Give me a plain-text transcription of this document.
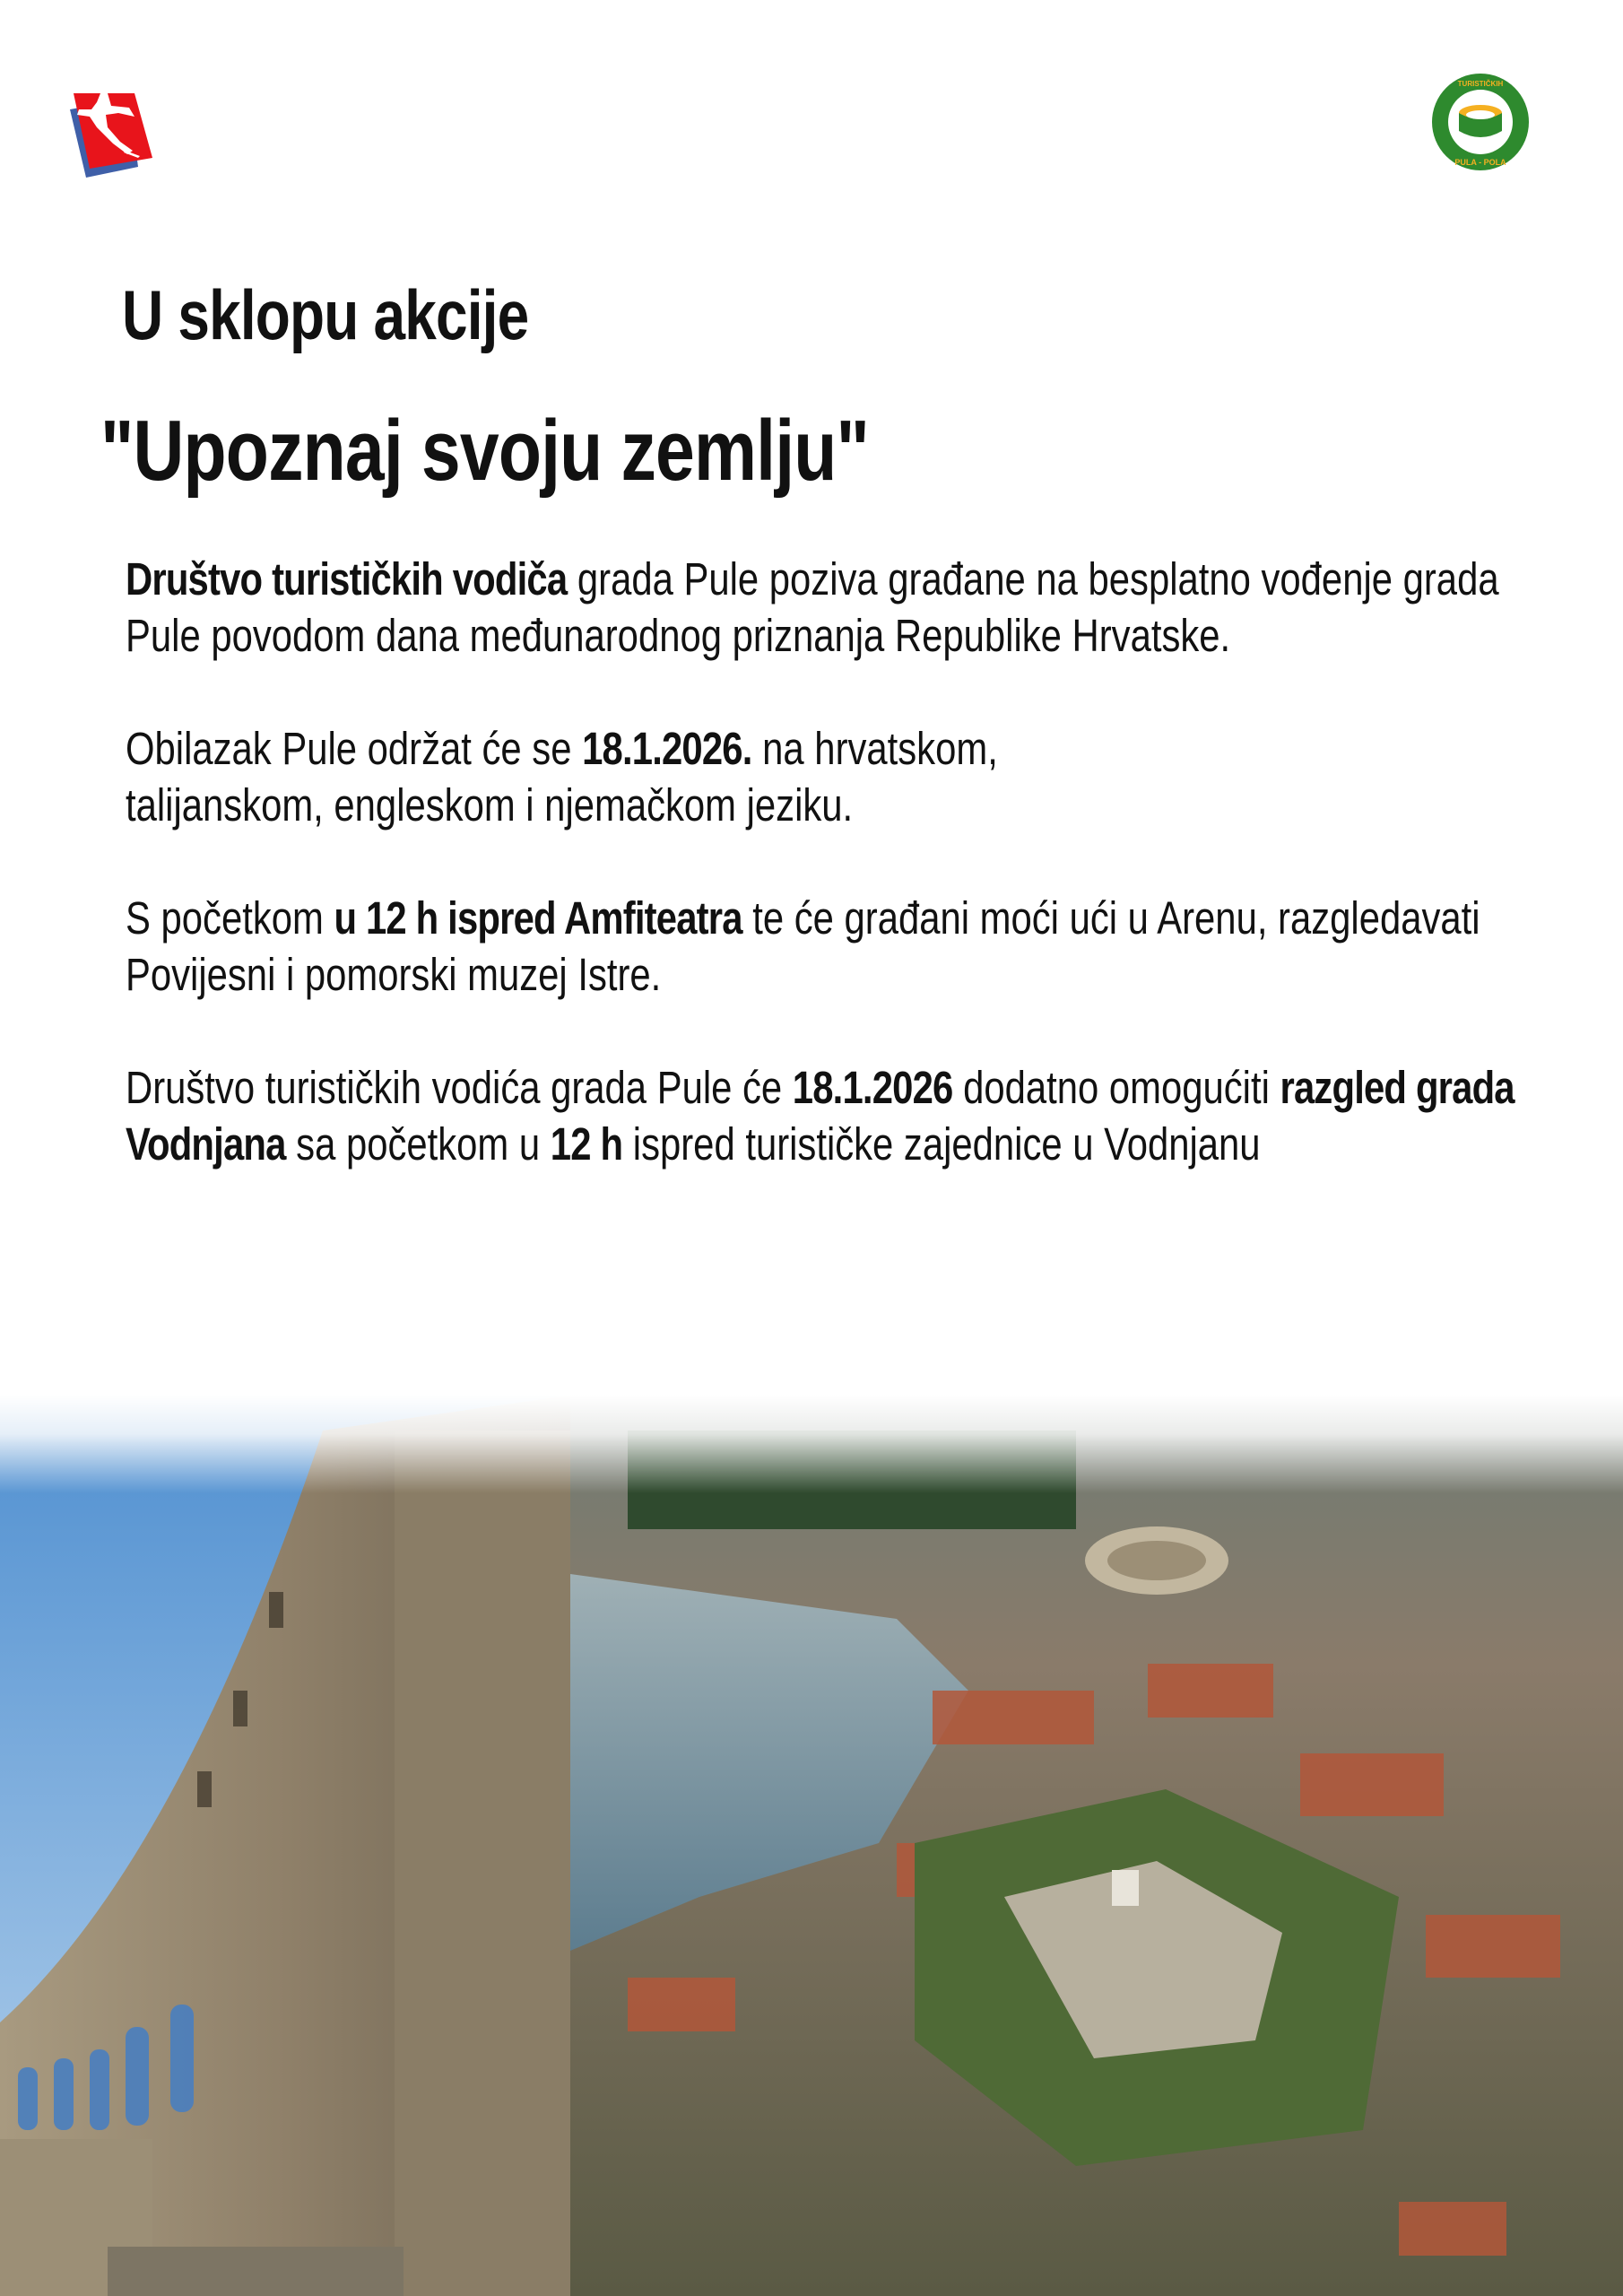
TURISTIČKIH
PULA - POLA
U sklopu akcije
"Upoznaj svoju zemlju"

Društvo turističkih vodiča grada Pule poziva građane na besplatno vođenje grada Pule povodom dana međunarodnog priznanja Republike Hrvatske.

Obilazak Pule održat će se 18.1.2026. na hrvatskom, talijanskom, engleskom i njemačkom jeziku.

S početkom u 12 h ispred Amfiteatra te će građani moći ući u Arenu, razgledavati Povijesni i pomorski muzej Istre.

Društvo turističkih vodića grada Pule će 18.1.2026 dodatno omogućiti razgled grada Vodnjana sa početkom u 12 h ispred turističke zajednice u Vodnjanu
